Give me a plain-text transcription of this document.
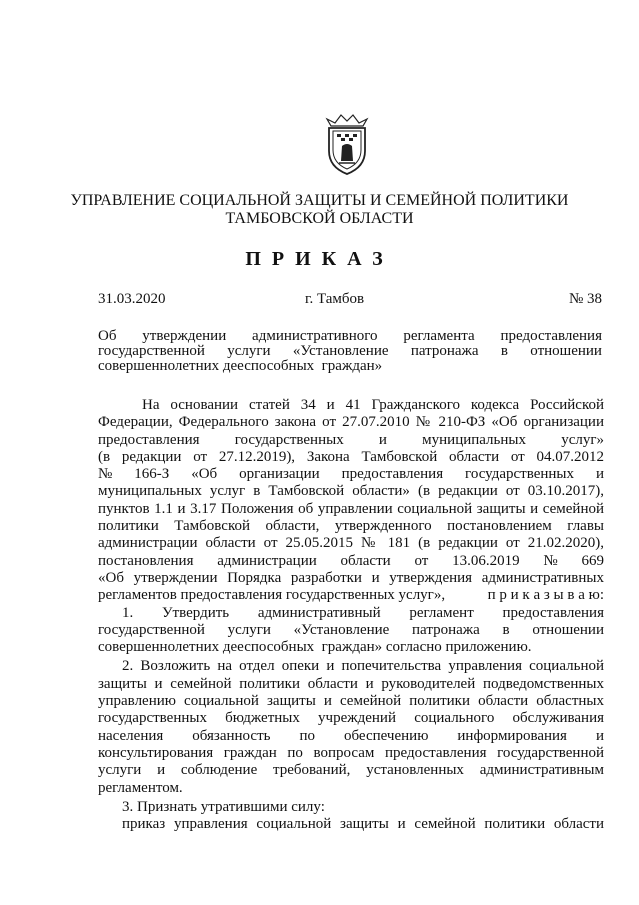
УПРАВЛЕНИЕ СОЦИАЛЬНОЙ ЗАЩИТЫ И СЕМЕЙНОЙ ПОЛИТИКИ
ТАМБОВСКОЙ ОБЛАСТИ
ПРИКАЗ
31.03.2020	г. Тамбов	№ 38
Об утверждении административного регламента предоставления
государственной услуги «Установление патронажа в отношении
совершеннолетних дееспособных  граждан»
На основании статей 34 и 41 Гражданского кодекса Российской
Федерации, Федерального закона от 27.07.2010 № 210-ФЗ «Об организации
предоставления государственных и муниципальных услуг»
(в редакции от 27.12.2019), Закона Тамбовской области от 04.07.2012
№ 166-З «Об организации предоставления государственных и
муниципальных услуг в Тамбовской области» (в редакции от 03.10.2017),
пунктов 1.1 и 3.17 Положения об управлении социальной защиты и семейной
политики Тамбовской области, утвержденного постановлением главы
администрации области от 25.05.2015 № 181 (в редакции от 21.02.2020),
постановления администрации области от 13.06.2019 № 669
«Об утверждении Порядка разработки и утверждения административных
регламентов предоставления государственных услуг»,	п р и к а з ы в а ю:
1. Утвердить административный регламент предоставления
государственной услуги «Установление патронажа в отношении
совершеннолетних дееспособных  граждан» согласно приложению.
2. Возложить на отдел опеки и попечительства управления социальной
защиты и семейной политики области и руководителей подведомственных
управлению социальной защиты и семейной политики области областных
государственных бюджетных учреждений социального обслуживания
населения обязанность по обеспечению информирования и
консультирования граждан по вопросам предоставления государственной
услуги и соблюдение требований, установленных административным
регламентом.
3. Признать утратившими силу:
приказ управления социальной защиты и семейной политики области
